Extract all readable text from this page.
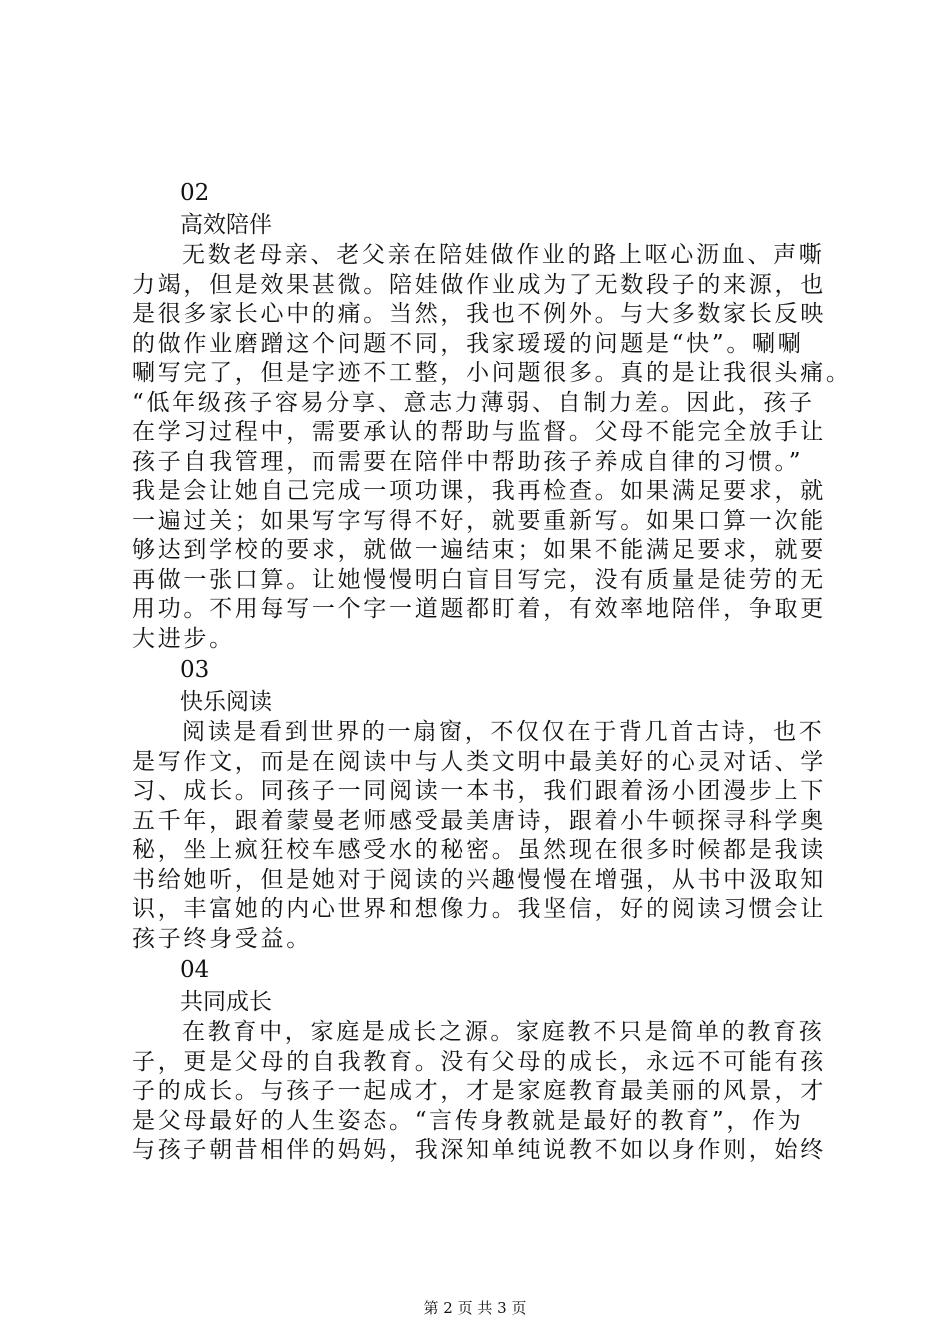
02
高效陪伴
无数老母亲、老父亲在陪娃做作业的路上呕心沥血、声嘶
力竭，但是效果甚微。陪娃做作业成为了无数段子的来源，也
是很多家长心中的痛。当然，我也不例外。与大多数家长反映
的做作业磨蹭这个问题不同，我家瑷瑷的问题是“快”。唰唰
唰写完了，但是字迹不工整，小问题很多。真的是让我很头痛。
“低年级孩子容易分享、意志力薄弱、自制力差。因此，孩子
在学习过程中，需要承认的帮助与监督。父母不能完全放手让
孩子自我管理，而需要在陪伴中帮助孩子养成自律的习惯。”
我是会让她自己完成一项功课，我再检查。如果满足要求，就
一遍过关；如果写字写得不好，就要重新写。如果口算一次能
够达到学校的要求，就做一遍结束；如果不能满足要求，就要
再做一张口算。让她慢慢明白盲目写完，没有质量是徒劳的无
用功。不用每写一个字一道题都盯着，有效率地陪伴，争取更
大进步。
03
快乐阅读
阅读是看到世界的一扇窗，不仅仅在于背几首古诗，也不
是写作文，而是在阅读中与人类文明中最美好的心灵对话、学
习、成长。同孩子一同阅读一本书，我们跟着汤小团漫步上下
五千年，跟着蒙曼老师感受最美唐诗，跟着小牛顿探寻科学奥
秘，坐上疯狂校车感受水的秘密。虽然现在很多时候都是我读
书给她听，但是她对于阅读的兴趣慢慢在增强，从书中汲取知
识，丰富她的内心世界和想像力。我坚信，好的阅读习惯会让
孩子终身受益。
04
共同成长
在教育中，家庭是成长之源。家庭教不只是简单的教育孩
子，更是父母的自我教育。没有父母的成长，永远不可能有孩
子的成长。与孩子一起成才，才是家庭教育最美丽的风景，才
是父母最好的人生姿态。“言传身教就是最好的教育”，作为
与孩子朝昔相伴的妈妈，我深知单纯说教不如以身作则，始终
第 2 页 共 3 页
